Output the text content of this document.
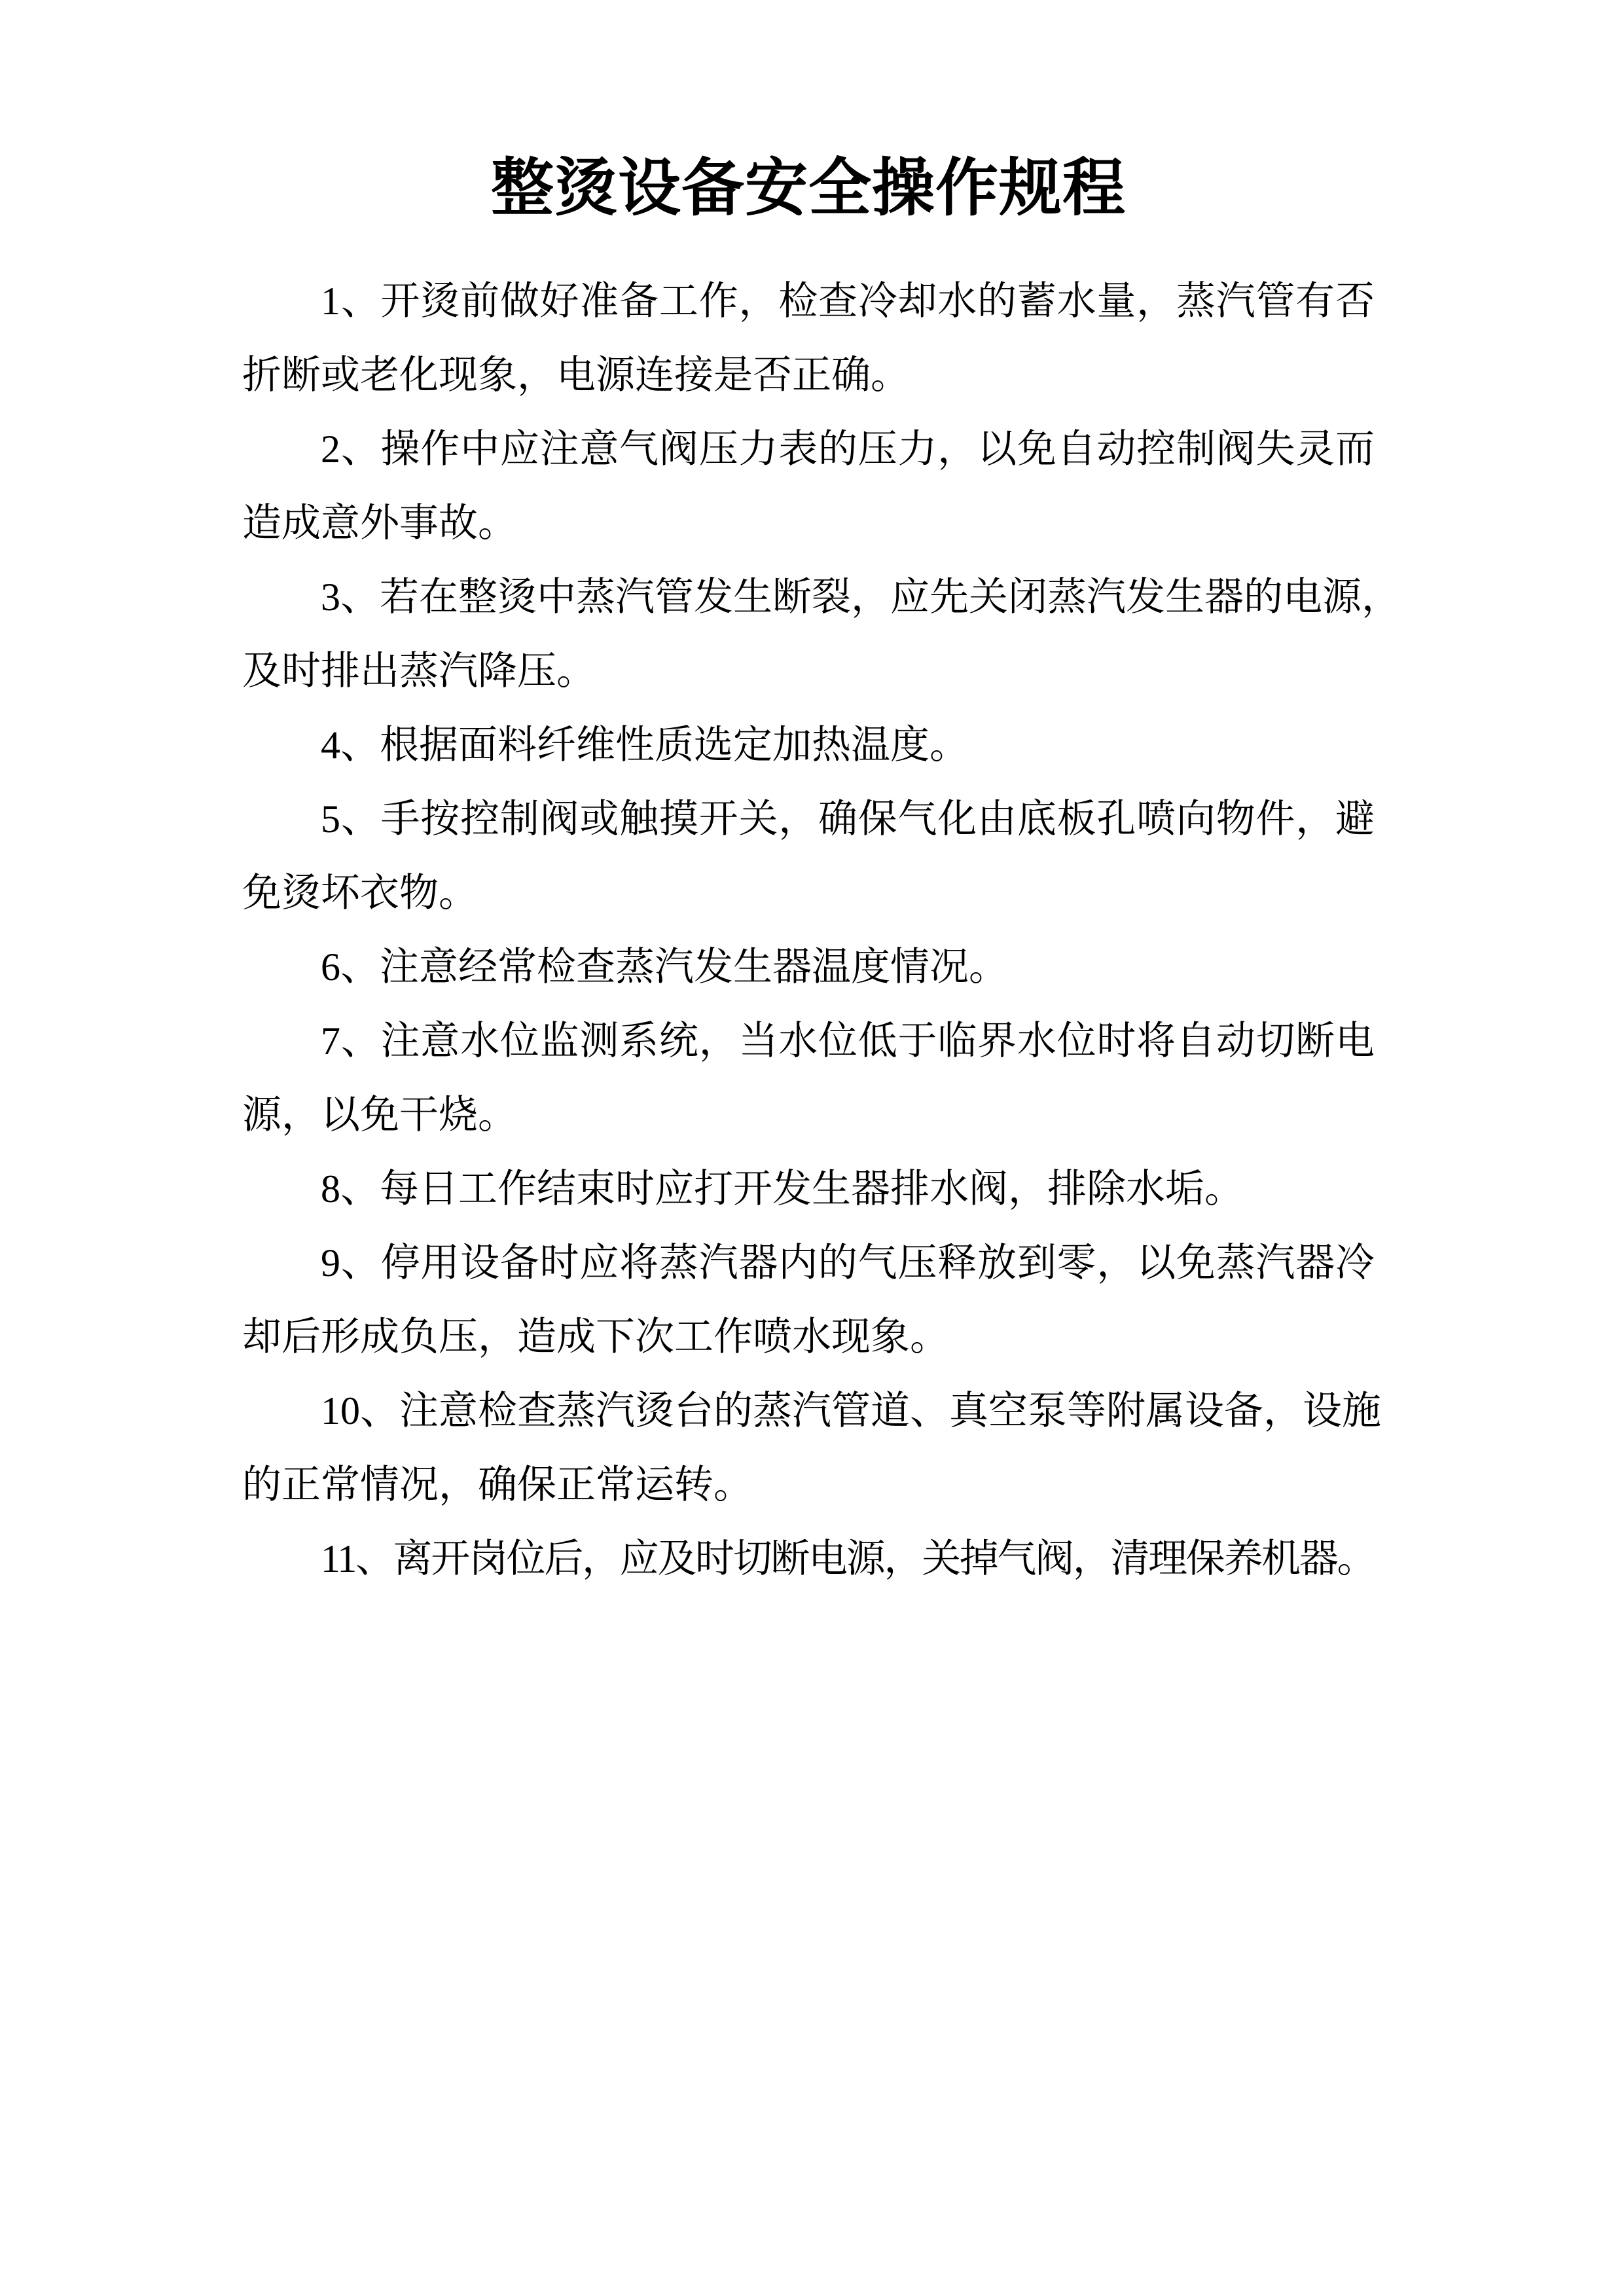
整烫设备安全操作规程
1、开烫前做好准备工作，检查冷却水的蓄水量，蒸汽管有否
折断或老化现象，电源连接是否正确。
2、操作中应注意气阀压力表的压力，以免自动控制阀失灵而
造成意外事故。
3、若在整烫中蒸汽管发生断裂，应先关闭蒸汽发生器的电源，
及时排出蒸汽降压。
4、根据面料纤维性质选定加热温度。
5、手按控制阀或触摸开关，确保气化由底板孔喷向物件，避
免烫坏衣物。
6、注意经常检查蒸汽发生器温度情况。
7、注意水位监测系统，当水位低于临界水位时将自动切断电
源，以免干烧。
8、每日工作结束时应打开发生器排水阀，排除水垢。
9、停用设备时应将蒸汽器内的气压释放到零，以免蒸汽器冷
却后形成负压，造成下次工作喷水现象。
10、注意检查蒸汽烫台的蒸汽管道、真空泵等附属设备，设施
的正常情况，确保正常运转。
11、离开岗位后，应及时切断电源，关掉气阀，清理保养机器。
